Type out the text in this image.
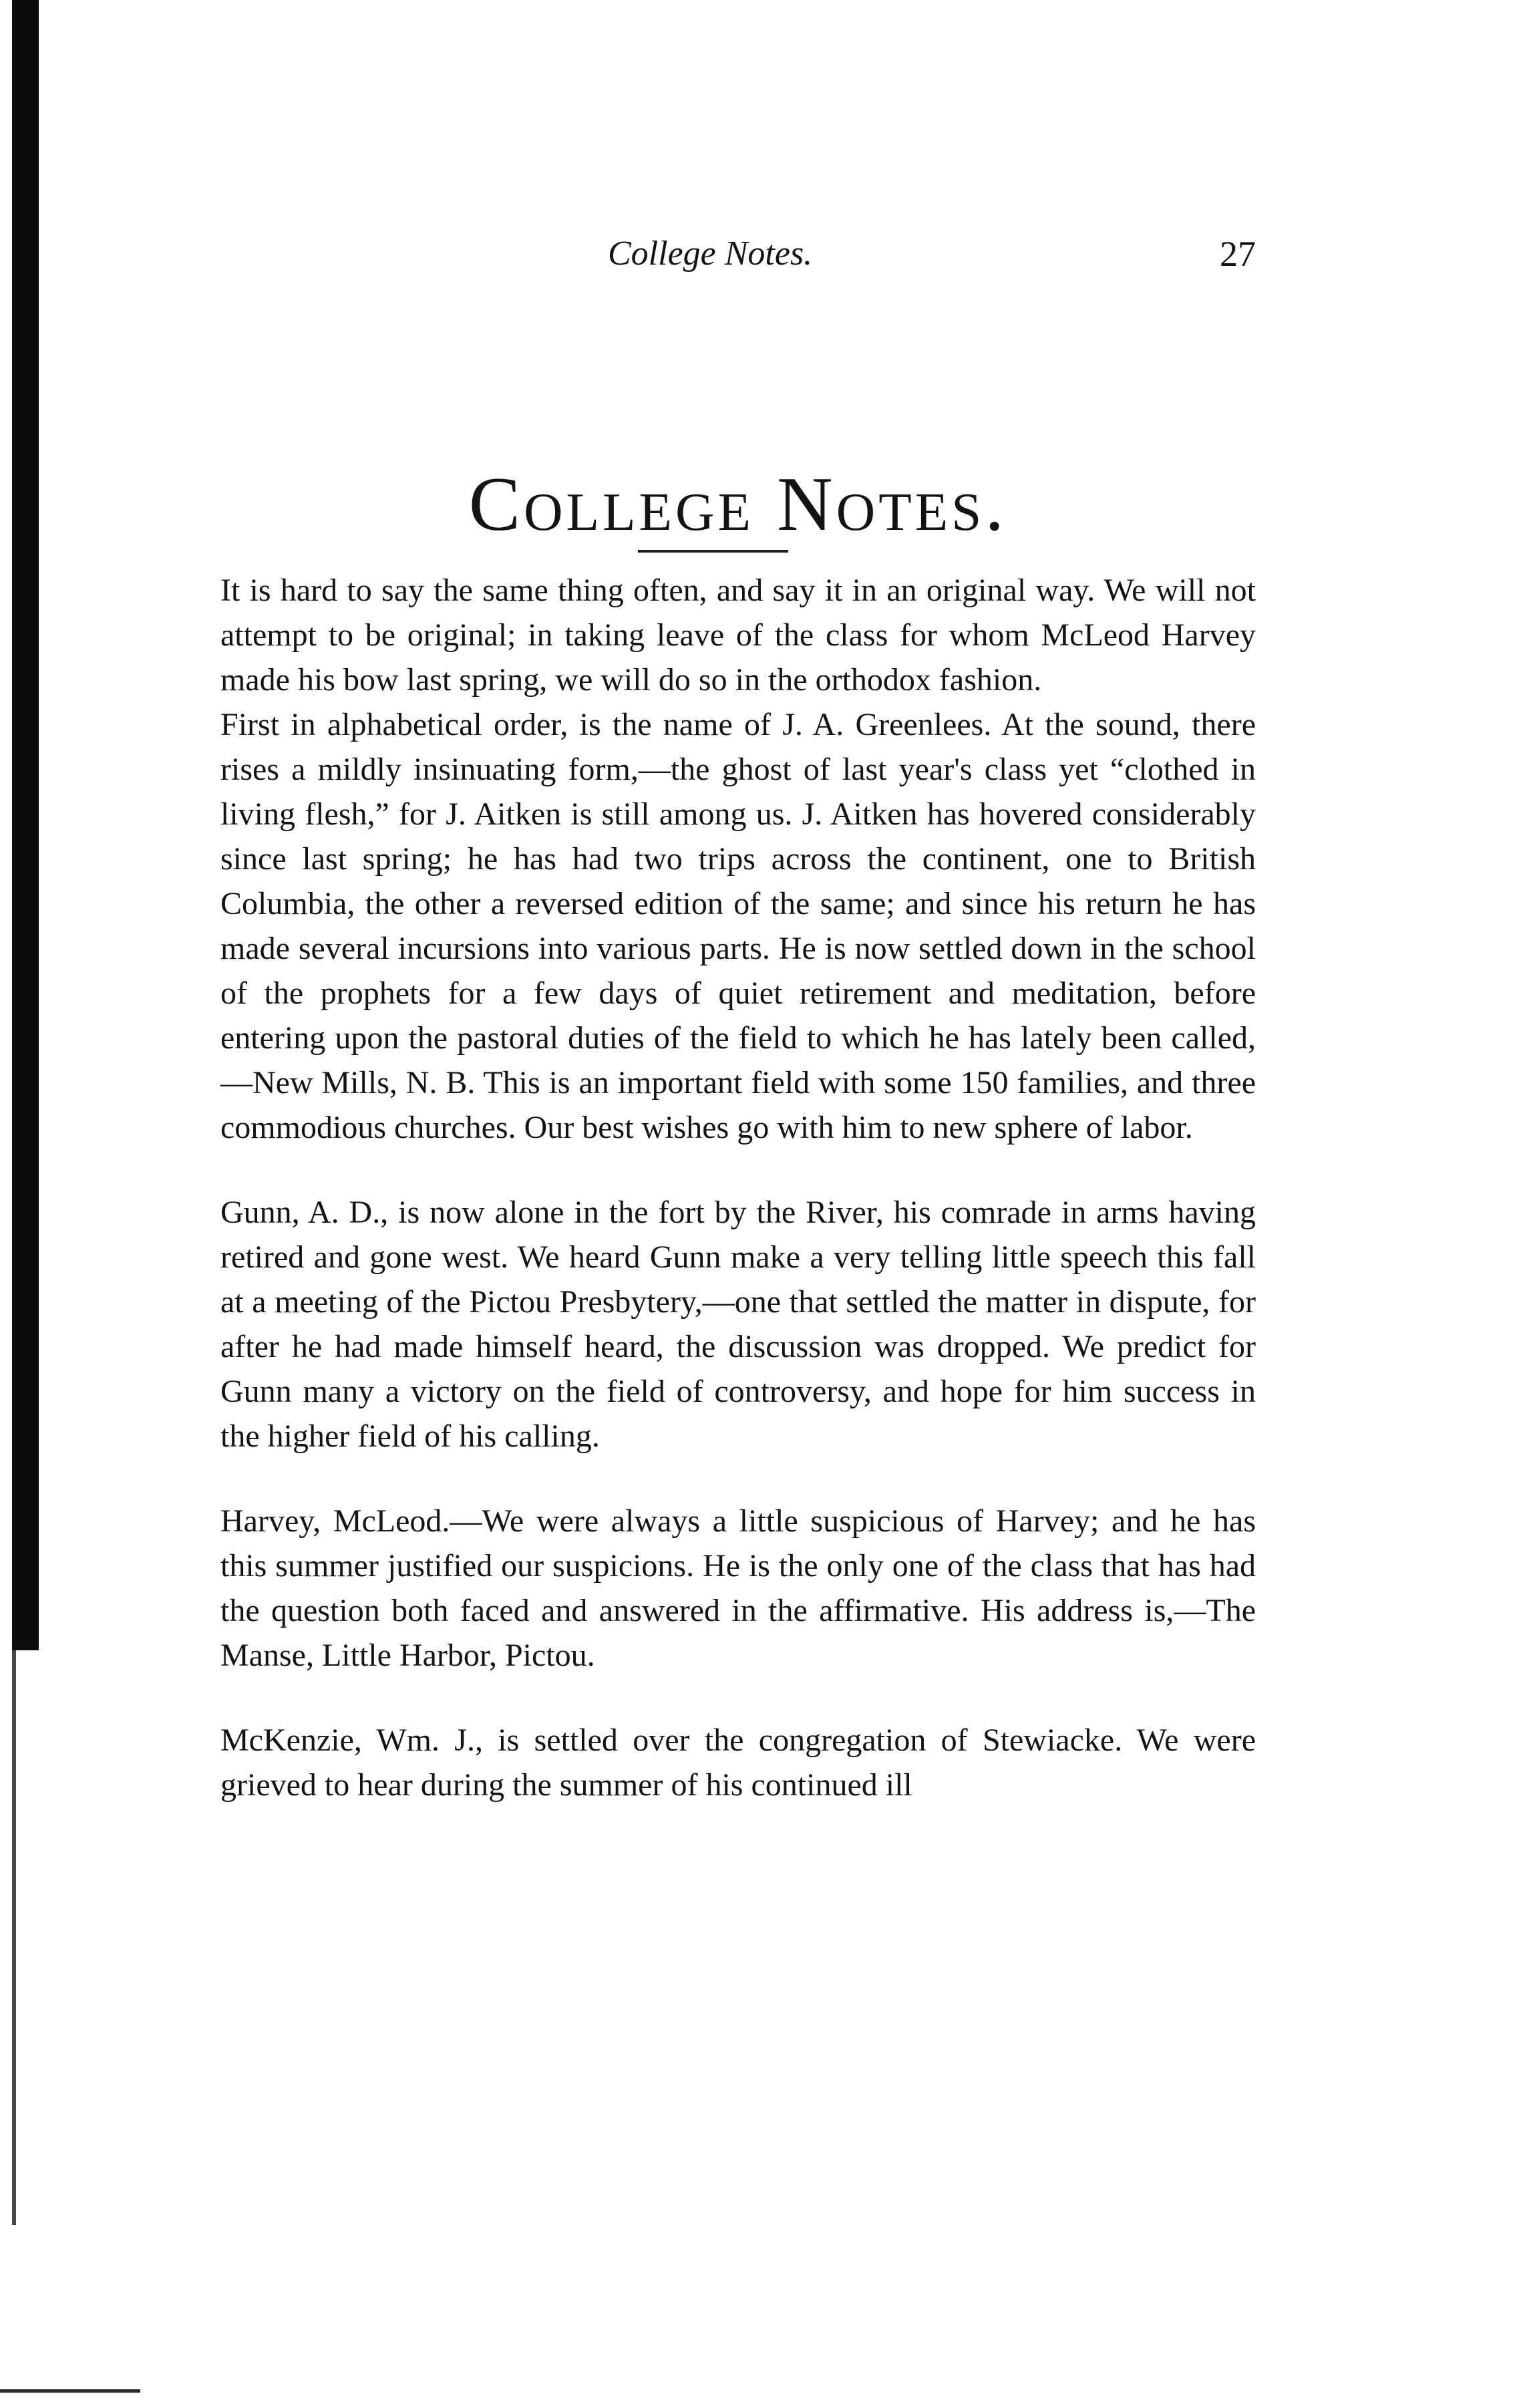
College Notes.	27
College Notes.

It is hard to say the same thing often, and say it in an original way. We will not attempt to be original; in taking leave of the class for whom McLeod Harvey made his bow last spring, we will do so in the orthodox fashion.

First in alphabetical order, is the name of J. A. Greenlees. At the sound, there rises a mildly insinuating form,—the ghost of last year's class yet “clothed in living flesh,” for J. Aitken is still among us. J. Aitken has hovered considerably since last spring; he has had two trips across the continent, one to British Columbia, the other a reversed edition of the same; and since his return he has made several incursions into various parts. He is now settled down in the school of the prophets for a few days of quiet retirement and meditation, before entering upon the pastoral duties of the field to which he has lately been called,—New Mills, N. B. This is an important field with some 150 families, and three commodious churches. Our best wishes go with him to new sphere of labor.

Gunn, A. D., is now alone in the fort by the River, his comrade in arms having retired and gone west. We heard Gunn make a very telling little speech this fall at a meeting of the Pictou Presbytery,—one that settled the matter in dispute, for after he had made himself heard, the discussion was dropped. We predict for Gunn many a victory on the field of controversy, and hope for him success in the higher field of his calling.

Harvey, McLeod.—We were always a little suspicious of Harvey; and he has this summer justified our suspicions. He is the only one of the class that has had the question both faced and answered in the affirmative. His address is,—The Manse, Little Harbor, Pictou.

McKenzie, Wm. J., is settled over the congregation of Stewiacke. We were grieved to hear during the summer of his continued ill
